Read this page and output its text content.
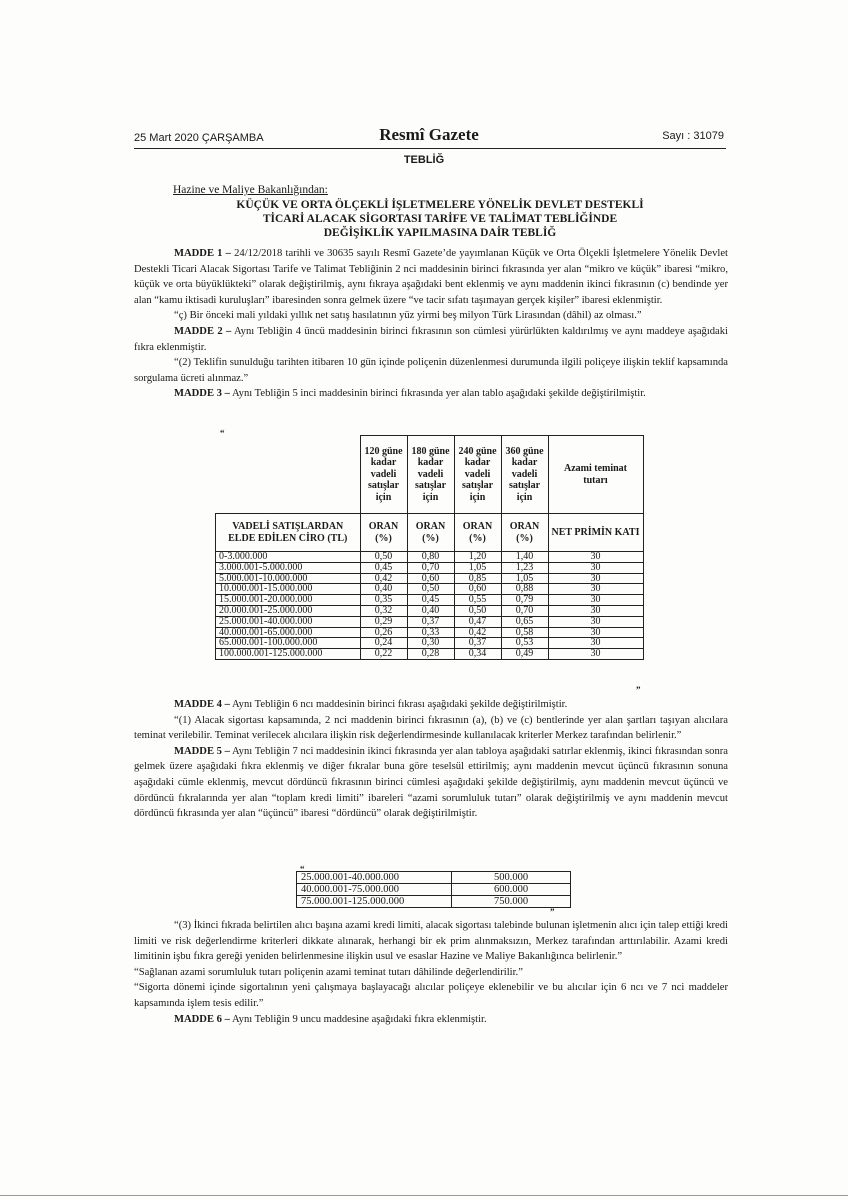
25 Mart 2020 ÇARŞAMBA	Resmî Gazete	Sayı : 31079
TEBLİĞ
Hazine ve Maliye Bakanlığından:
KÜÇÜK VE ORTA ÖLÇEKLİ İŞLETMELERE YÖNELİK DEVLET DESTEKLİ
TİCARİ ALACAK SİGORTASI TARİFE VE TALİMAT TEBLİĞİNDE
DEĞİŞİKLİK YAPILMASINA DAİR TEBLİĞ

MADDE 1 – 24/12/2018 tarihli ve 30635 sayılı Resmî Gazete’de yayımlanan Küçük ve Orta Ölçekli İşletmelere Yönelik Devlet Destekli Ticari Alacak Sigortası Tarife ve Talimat Tebliğinin 2 nci maddesinin birinci fıkrasında yer alan “mikro ve küçük” ibaresi “mikro, küçük ve orta büyüklükteki” olarak değiştirilmiş, aynı fıkraya aşağıdaki bent eklenmiş ve aynı maddenin ikinci fıkrasının (c) bendinde yer alan “kamu iktisadi kuruluşları” ibaresinden sonra gelmek üzere “ve tacir sıfatı taşımayan gerçek kişiler” ibaresi eklenmiştir.

“ç) Bir önceki mali yıldaki yıllık net satış hasılatının yüz yirmi beş milyon Türk Lirasından (dâhil) az olması.”

MADDE 2 – Aynı Tebliğin 4 üncü maddesinin birinci fıkrasının son cümlesi yürürlükten kaldırılmış ve aynı maddeye aşağıdaki fıkra eklenmiştir.

“(2) Teklifin sunulduğu tarihten itibaren 10 gün içinde poliçenin düzenlenmesi durumunda ilgili poliçeye ilişkin teklif kapsamında sorgulama ücreti alınmaz.”

MADDE 3 – Aynı Tebliğin 5 inci maddesinin birinci fıkrasında yer alan tablo aşağıdaki şekilde değiştirilmiştir.

“
	120 güne kadar vadeli satışlar için	180 güne kadar vadeli satışlar için	240 güne kadar vadeli satışlar için	360 güne kadar vadeli satışlar için	Azami teminat tutarı
VADELİ SATIŞLARDAN ELDE EDİLEN CİRO (TL)	ORAN (%)	ORAN (%)	ORAN (%)	ORAN (%)	NET PRİMİN KATI
0-3.000.000	0,50	0,80	1,20	1,40	30
3.000.001-5.000.000	0,45	0,70	1,05	1,23	30
5.000.001-10.000.000	0,42	0,60	0,85	1,05	30
10.000.001-15.000.000	0,40	0,50	0,60	0,88	30
15.000.001-20.000.000	0,35	0,45	0,55	0,79	30
20.000.001-25.000.000	0,32	0,40	0,50	0,70	30
25.000.001-40.000.000	0,29	0,37	0,47	0,65	30
40.000.001-65.000.000	0,26	0,33	0,42	0,58	30
65.000.001-100.000.000	0,24	0,30	0,37	0,53	30
100.000.001-125.000.000	0,22	0,28	0,34	0,49	30
”

MADDE 4 – Aynı Tebliğin 6 ncı maddesinin birinci fıkrası aşağıdaki şekilde değiştirilmiştir.

“(1) Alacak sigortası kapsamında, 2 nci maddenin birinci fıkrasının (a), (b) ve (c) bentlerinde yer alan şartları taşıyan alıcılara teminat verilebilir. Teminat verilecek alıcılara ilişkin risk değerlendirmesinde kullanılacak kriterler Merkez tarafından belirlenir.”

MADDE 5 – Aynı Tebliğin 7 nci maddesinin ikinci fıkrasında yer alan tabloya aşağıdaki satırlar eklenmiş, ikinci fıkrasından sonra gelmek üzere aşağıdaki fıkra eklenmiş ve diğer fıkralar buna göre teselsül ettirilmiş; aynı maddenin mevcut üçüncü fıkrasının sonuna aşağıdaki cümle eklenmiş, mevcut dördüncü fıkrasının birinci cümlesi aşağıdaki şekilde değiştirilmiş, aynı maddenin mevcut üçüncü ve dördüncü fıkralarında yer alan “toplam kredi limiti” ibareleri “azami sorumluluk tutarı” olarak değiştirilmiş ve aynı maddenin mevcut dördüncü fıkrasında yer alan “üçüncü” ibaresi “dördüncü” olarak değiştirilmiştir.

“
25.000.001-40.000.000	500.000
40.000.001-75.000.000	600.000
75.000.001-125.000.000	750.000
”

“(3) İkinci fıkrada belirtilen alıcı başına azami kredi limiti, alacak sigortası talebinde bulunan işletmenin alıcı için talep ettiği kredi limiti ve risk değerlendirme kriterleri dikkate alınarak, herhangi bir ek prim alınmaksızın, Merkez tarafından arttırılabilir. Azami kredi limitinin işbu fıkra gereği yeniden belirlenmesine ilişkin usul ve esaslar Hazine ve Maliye Bakanlığınca belirlenir.”

“Sağlanan azami sorumluluk tutarı poliçenin azami teminat tutarı dâhilinde değerlendirilir.”

“Sigorta dönemi içinde sigortalının yeni çalışmaya başlayacağı alıcılar poliçeye eklenebilir ve bu alıcılar için 6 ncı ve 7 nci maddeler kapsamında işlem tesis edilir.”

MADDE 6 – Aynı Tebliğin 9 uncu maddesine aşağıdaki fıkra eklenmiştir.
